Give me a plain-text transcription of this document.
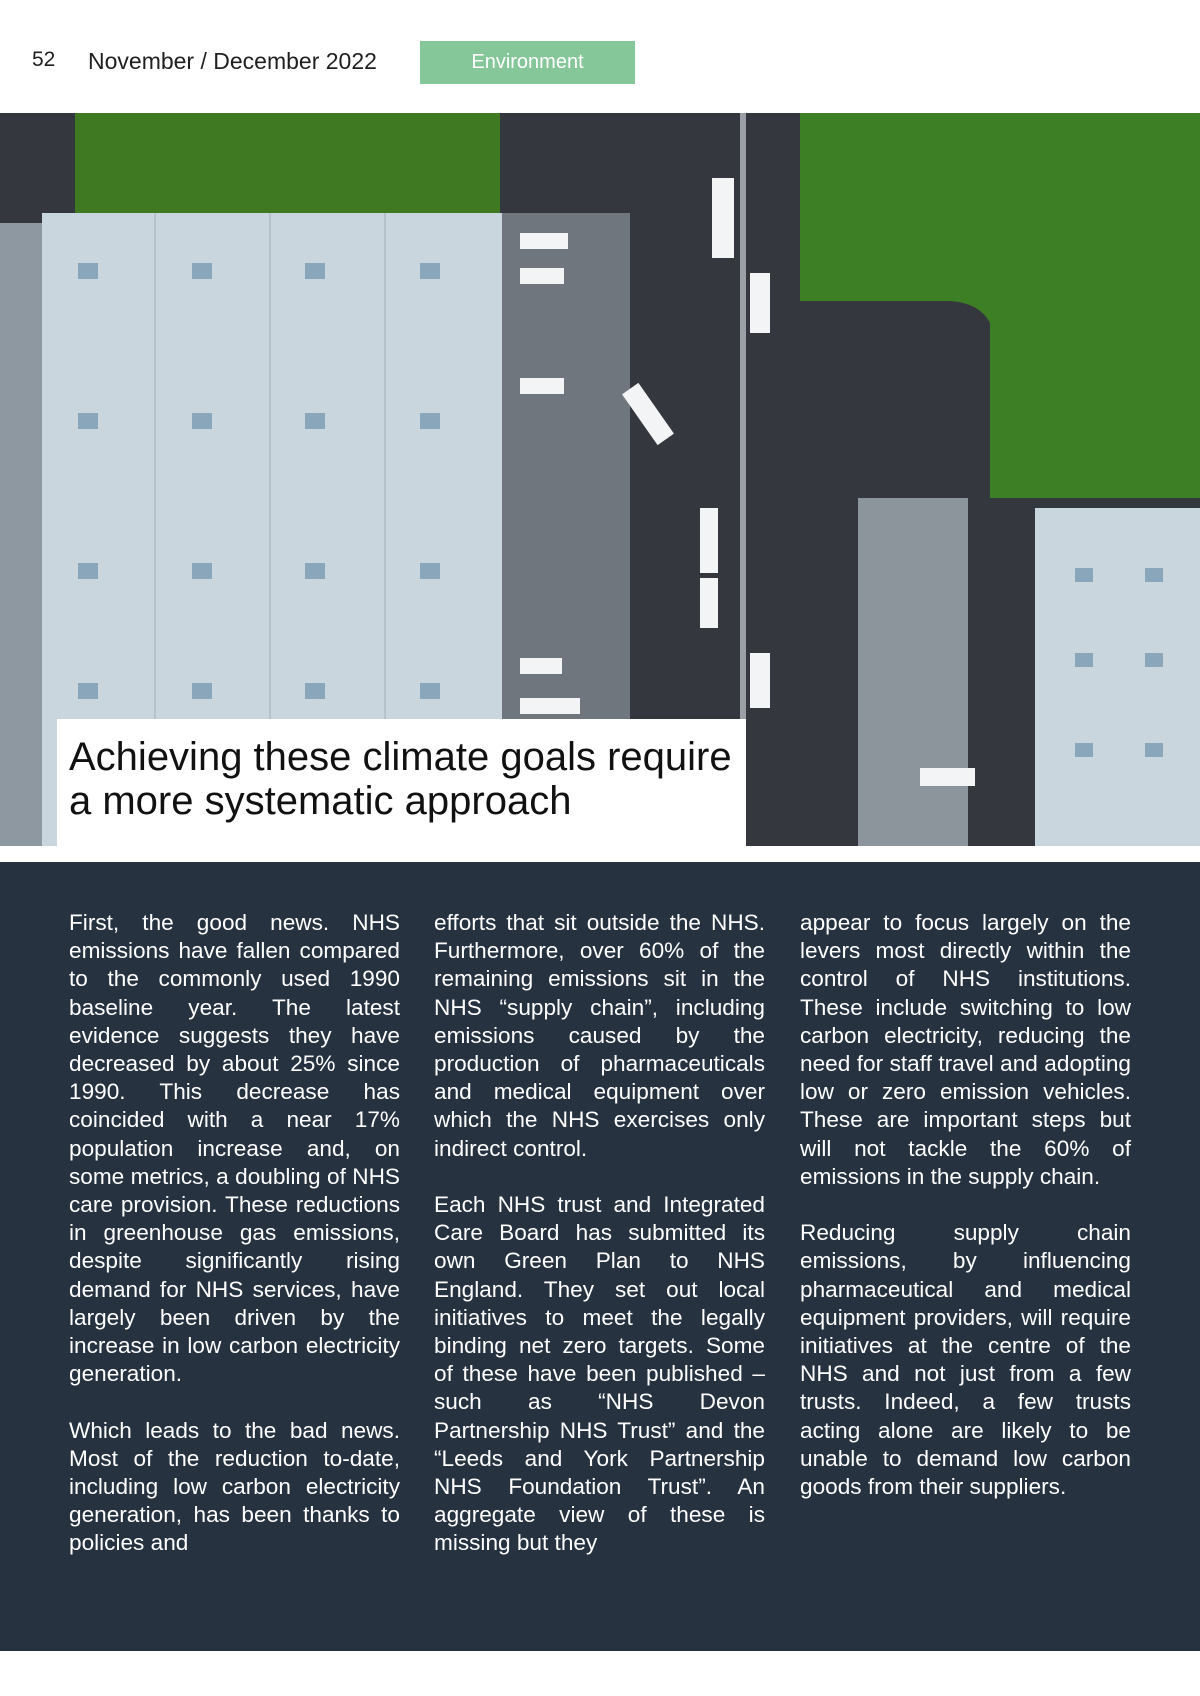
52 November / December 2022	Environment
Achieving these climate goals require a more systematic approach

First, the good news. NHS emissions have fallen compared to the commonly used 1990 baseline year. The latest evidence suggests they have decreased by about 25% since 1990. This decrease has coincided with a near 17% population increase and, on some metrics, a doubling of NHS care provision. These reductions in greenhouse gas emissions, despite significantly rising demand for NHS services, have largely been driven by the increase in low carbon electricity generation.

Which leads to the bad news. Most of the reduction to-date, including low carbon electricity generation, has been thanks to policies and

efforts that sit outside the NHS. Furthermore, over 60% of the remaining emissions sit in the NHS “supply chain”, including emissions caused by the production of pharmaceuticals and medical equipment over which the NHS exercises only indirect control.

Each NHS trust and Integrated Care Board has submitted its own Green Plan to NHS England. They set out local initiatives to meet the legally binding net zero targets. Some of these have been published – such as “NHS Devon Partnership NHS Trust” and the “Leeds and York Partnership NHS Foundation Trust”. An aggregate view of these is missing but they

appear to focus largely on the levers most directly within the control of NHS institutions. These include switching to low carbon electricity, reducing the need for staff travel and adopting low or zero emission vehicles. These are important steps but will not tackle the 60% of emissions in the supply chain.

Reducing supply chain emissions, by influencing pharmaceutical and medical equipment providers, will require initiatives at the centre of the NHS and not just from a few trusts. Indeed, a few trusts acting alone are likely to be unable to demand low carbon goods from their suppliers.
